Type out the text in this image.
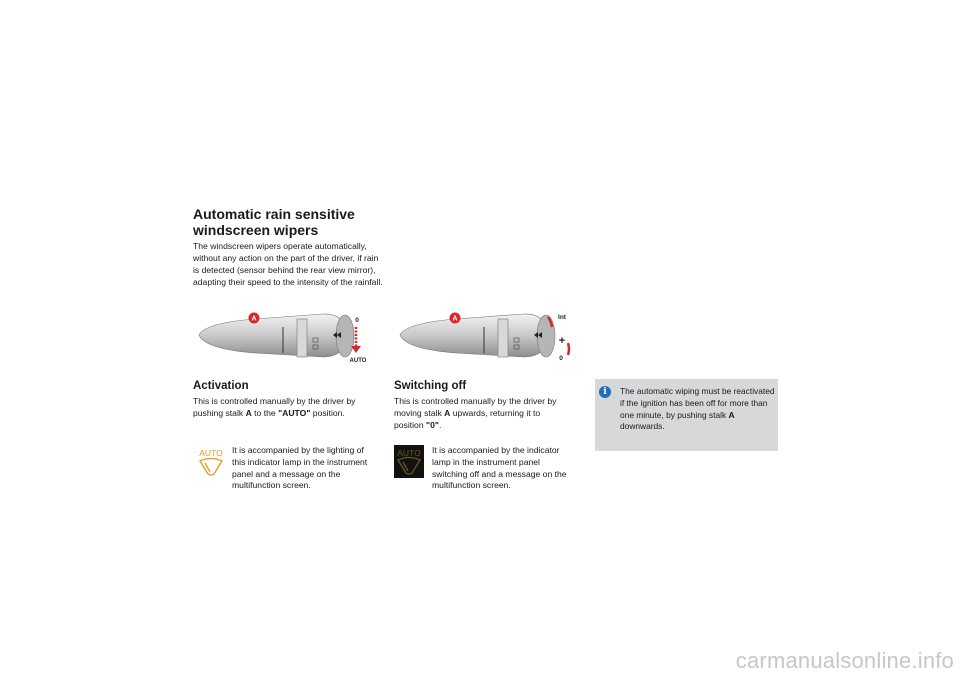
Automatic rain sensitive
windscreen wipers
The windscreen wipers operate automatically, without any action on the part of the driver, if rain is detected (sensor behind the rear view mirror), adapting their speed to the intensity of the rainfall.
A	0
AUTO
A	Int
+
0
Activation
This is controlled manually by the driver by pushing stalk A to the "AUTO" position.
AUTO It is accompanied by the lighting of this indicator lamp in the instrument panel and a message on the multifunction screen.
Switching off
This is controlled manually by the driver by moving stalk A upwards, returning it to position "0".
AUTO It is accompanied by the indicator lamp in the instrument panel switching off and a message on the multifunction screen.
i	The automatic wiping must be reactivated if the ignition has been off for more than one minute, by pushing stalk A downwards.
carmanualsonline.info
